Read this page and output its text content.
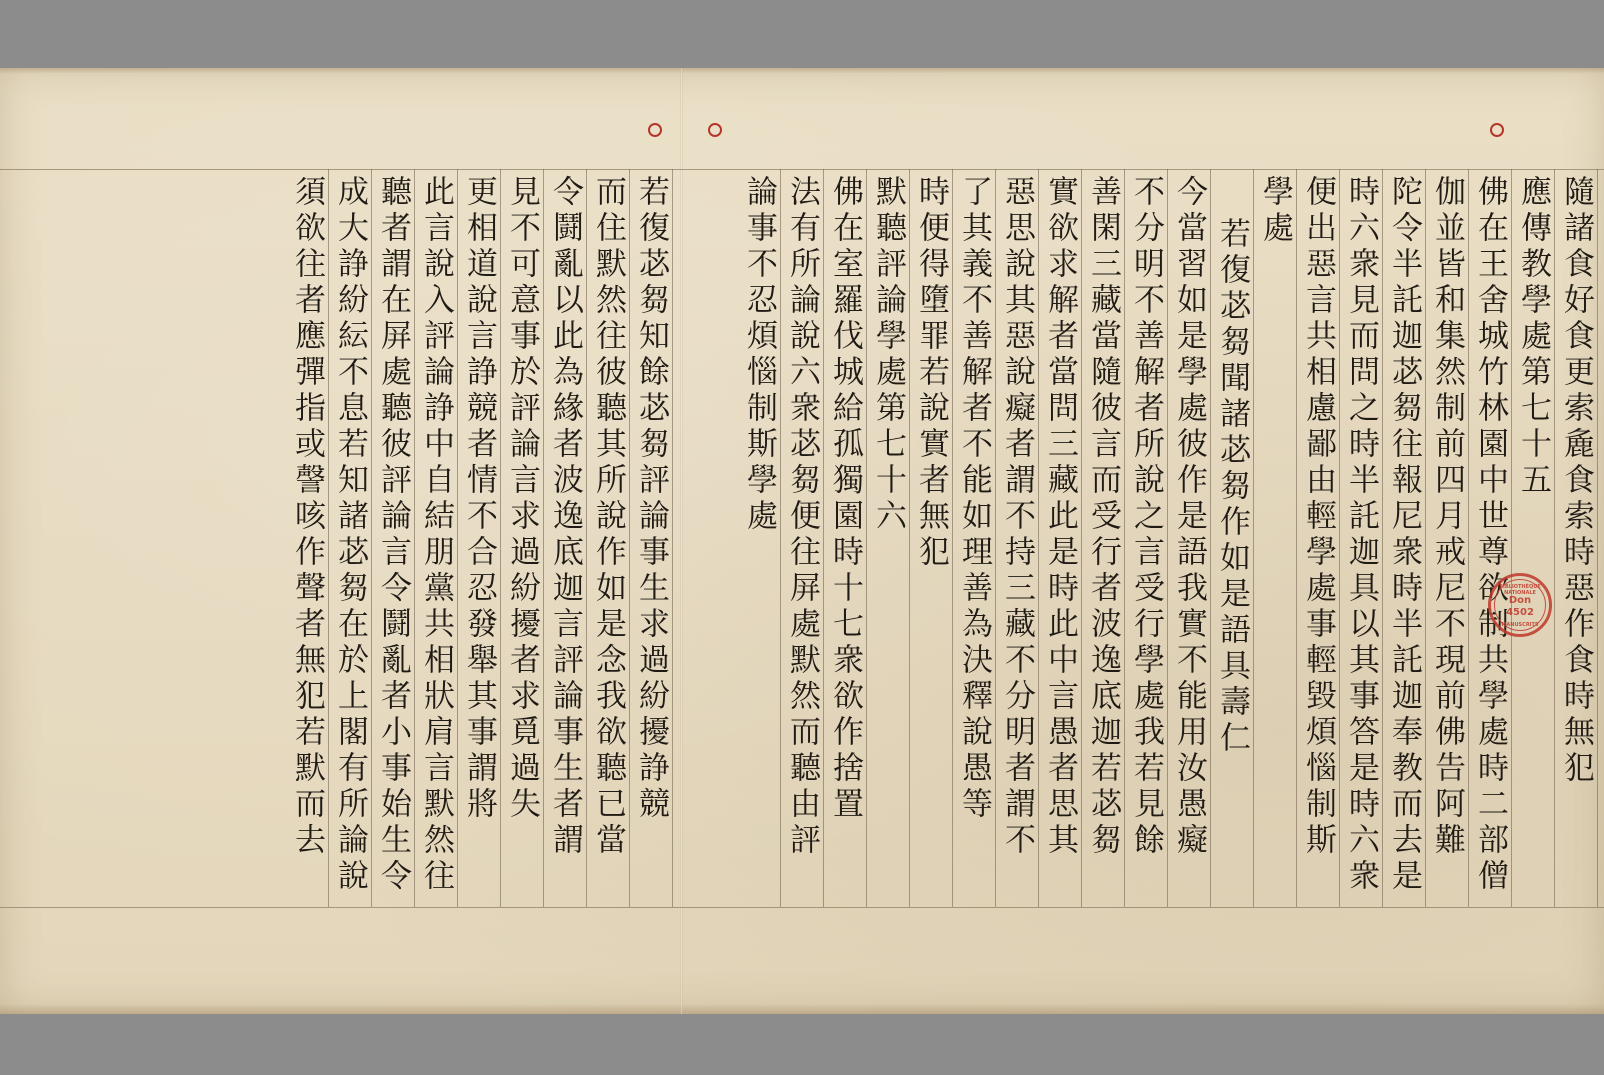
隨諸食好食更索麁食索時惡作食時無犯
應傳教學處第七十五
佛在王舍城竹林園中世尊欲制共學處時二部僧
伽並皆和集然制前四月戒尼不現前佛告阿難
陀令半託迦苾芻往報尼衆時半託迦奉教而去是
時六衆見而問之時半託迦具以其事答是時六衆
便出惡言共相慮鄙由輕學處事輕毀煩惱制斯
學處
若復苾芻聞諸苾芻作如是語具壽仁
今當習如是學處彼作是語我實不能用汝愚癡
不分明不善解者所說之言受行學處我若見餘
善閑三藏當隨彼言而受行者波逸底迦若苾芻
實欲求解者當問三藏此是時此中言愚者思其
惡思說其惡說癡者謂不持三藏不分明者謂不
了其義不善解者不能如理善為決釋說愚等
時便得墮罪若說實者無犯
默聽評論學處第七十六
佛在室羅伐城給孤獨園時十七衆欲作捨置
法有所論說六衆苾芻便往屏處默然而聽由評
論事不忍煩惱制斯學處
若復苾芻知餘苾芻評論事生求過紛擾諍競
而住默然往彼聽其所說作如是念我欲聽已當
令鬪亂以此為緣者波逸底迦言評論事生者謂
見不可意事於評論言求過紛擾者求覓過失
更相道說言諍競者情不合忍發舉其事謂將
此言說入評論諍中自結朋黨共相狀肩言默然往
聽者謂在屏處聽彼評論言令鬪亂者小事始生令
成大諍紛紜不息若知諸苾芻在於上閣有所論說
須欲往者應彈指或謦咳作聲者無犯若默而去	BIBLIOTHÈQUE NATIONALE
Don
4502
MANUSCRITS
